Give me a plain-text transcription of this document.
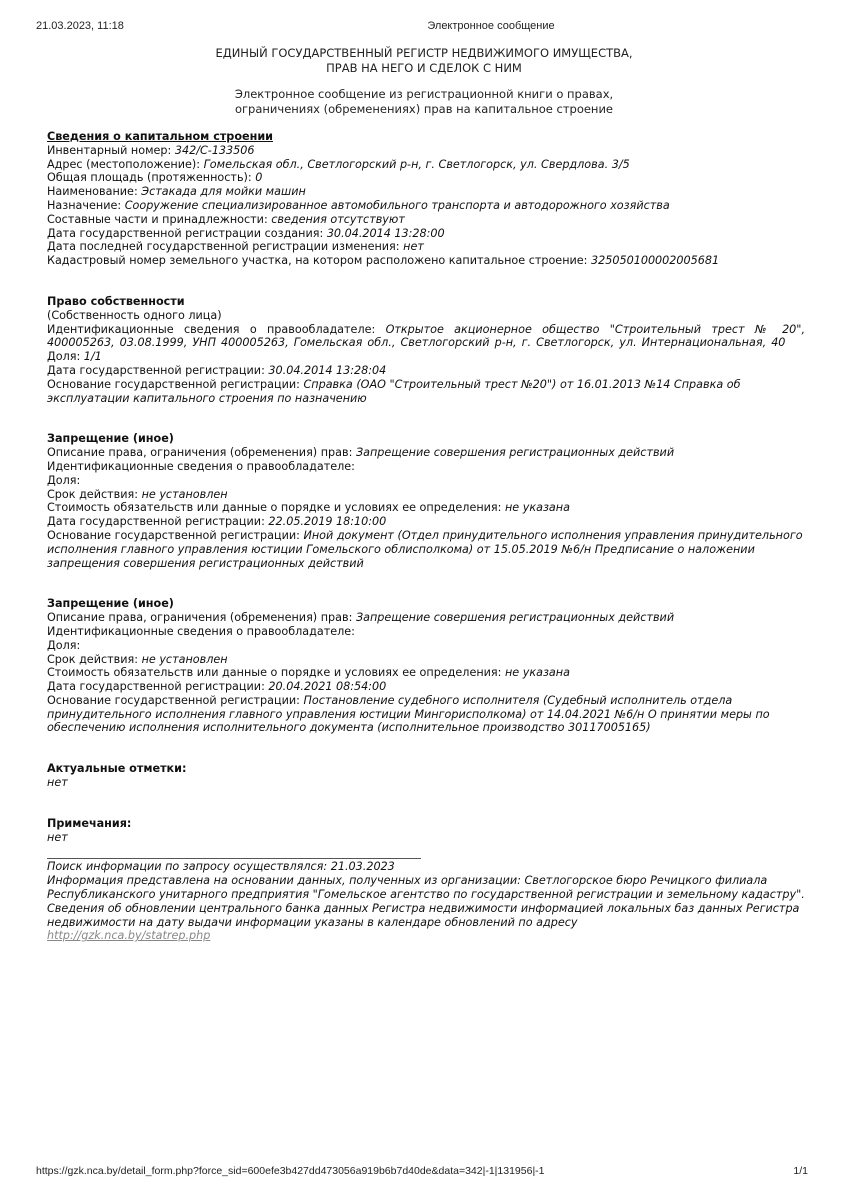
21.03.2023, 11:18	Электронное сообщение
ЕДИНЫЙ ГОСУДАРСТВЕННЫЙ РЕГИСТР НЕДВИЖИМОГО ИМУЩЕСТВА,
ПРАВ НА НЕГО И СДЕЛОК С НИМ
Электронное сообщение из регистрационной книги о правах,
ограничениях (обременениях) прав на капитальное строение
Сведения о капитальном строении
Инвентарный номер: 342/C-133506
Адрес (местоположение): Гомельская обл., Светлогорский р-н, г. Светлогорск, ул. Свердлова. 3/5
Общая площадь (протяженность): 0
Наименование: Эстакада для мойки машин
Назначение: Сооружение специализированное автомобильного транспорта и автодорожного хозяйства
Составные части и принадлежности: сведения отсутствуют
Дата государственной регистрации создания: 30.04.2014 13:28:00
Дата последней государственной регистрации изменения: нет
Кадастровый номер земельного участка, на котором расположено капитальное строение: 325050100002005681
Право собственности
(Собственность одного лица)
Идентификационные сведения о правообладателе: Открытое акционерное общество "Строительный трест № 20", 400005263, 03.08.1999, УНП 400005263, Гомельская обл., Светлогорский р-н, г. Светлогорск, ул. Интернациональная, 40
Доля: 1/1
Дата государственной регистрации: 30.04.2014 13:28:04
Основание государственной регистрации: Справка (ОАО "Строительный трест №20") от 16.01.2013 №14 Справка об эксплуатации капитального строения по назначению
Запрещение (иное)
Описание права, ограничения (обременения) прав: Запрещение совершения регистрационных действий
Идентификационные сведения о правообладателе:
Доля:
Срок действия: не установлен
Стоимость обязательств или данные о порядке и условиях ее определения: не указана
Дата государственной регистрации: 22.05.2019 18:10:00
Основание государственной регистрации: Иной документ (Отдел принудительного исполнения управления принудительного исполнения главного управления юстиции Гомельского облисполкома) от 15.05.2019 №6/н Предписание о наложении запрещения совершения регистрационных действий
Запрещение (иное)
Описание права, ограничения (обременения) прав: Запрещение совершения регистрационных действий
Идентификационные сведения о правообладателе:
Доля:
Срок действия: не установлен
Стоимость обязательств или данные о порядке и условиях ее определения: не указана
Дата государственной регистрации: 20.04.2021 08:54:00
Основание государственной регистрации: Постановление судебного исполнителя (Судебный исполнитель отдела принудительного исполнения главного управления юстиции Мингорисполкома) от 14.04.2021 №6/н О принятии меры по обеспечению исполнения исполнительного документа (исполнительное производство 30117005165)
Актуальные отметки:
нет
Примечания:
нет
Поиск информации по запросу осуществлялся: 21.03.2023
Информация представлена на основании данных, полученных из организации: Светлогорское бюро Речицкого филиала Республиканского унитарного предприятия "Гомельское агентство по государственной регистрации и земельному кадастру".
Сведения об обновлении центрального банка данных Регистра недвижимости информацией локальных баз данных Регистра недвижимости на дату выдачи информации указаны в календаре обновлений по адресу
http://gzk.nca.by/statrep.php
https://gzk.nca.by/detail_form.php?force_sid=600efe3b427dd473056a919b6b7d40de&data=342|-1|131956|-1	1/1
